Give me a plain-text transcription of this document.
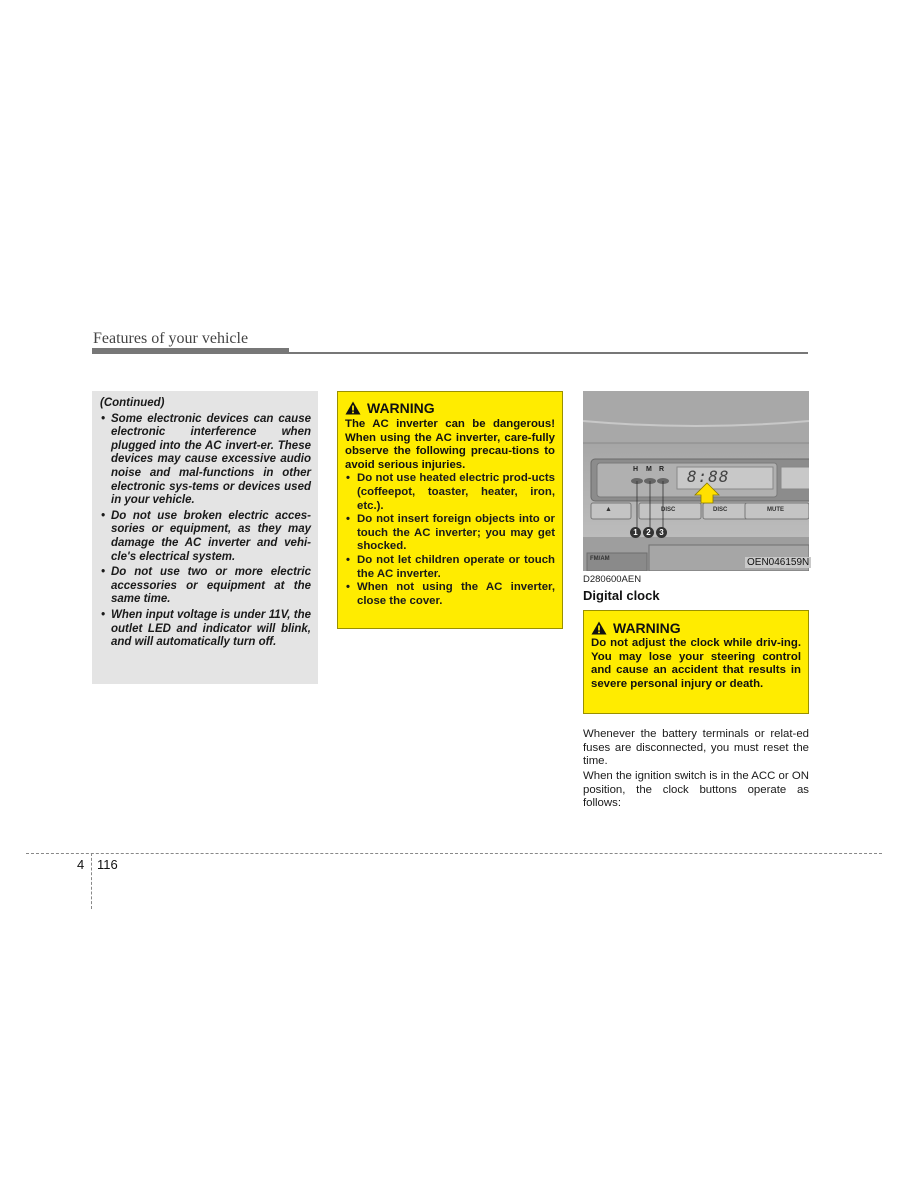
Features of your vehicle
(Continued)
• Some electronic devices can cause electronic interference when plugged into the AC invert-er. These devices may cause excessive audio noise and mal-functions in other electronic sys-tems or devices used in your vehicle.
• Do not use broken electric acces-sories or equipment, as they may damage the AC inverter and vehi-cle's electrical system.
• Do not use two or more electric accessories or equipment at the same time.
• When input voltage is under 11V, the outlet LED and indicator will blink, and will automatically turn off.
WARNING
The AC inverter can be dangerous! When using the AC inverter, care-fully observe the following precau-tions to avoid serious injuries.
• Do not use heated electric prod-ucts (coffeepot, toaster, heater, iron, etc.).
• Do not insert foreign objects into or touch the AC inverter; you may get shocked.
• Do not let children operate or touch the AC inverter.
• When not using the AC inverter, close the cover.
H M R 8:88
▲	DISC	DISC	MUTE
FM/AM
1	2	3
OEN046159N
D280600AEN
Digital clock
WARNING
Do not adjust the clock while driv-ing. You may lose your steering control and cause an accident that results in severe personal injury or death.
Whenever the battery terminals or relat-ed fuses are disconnected, you must reset the time.
When the ignition switch is in the ACC or ON position, the clock buttons operate as follows:
4 116
